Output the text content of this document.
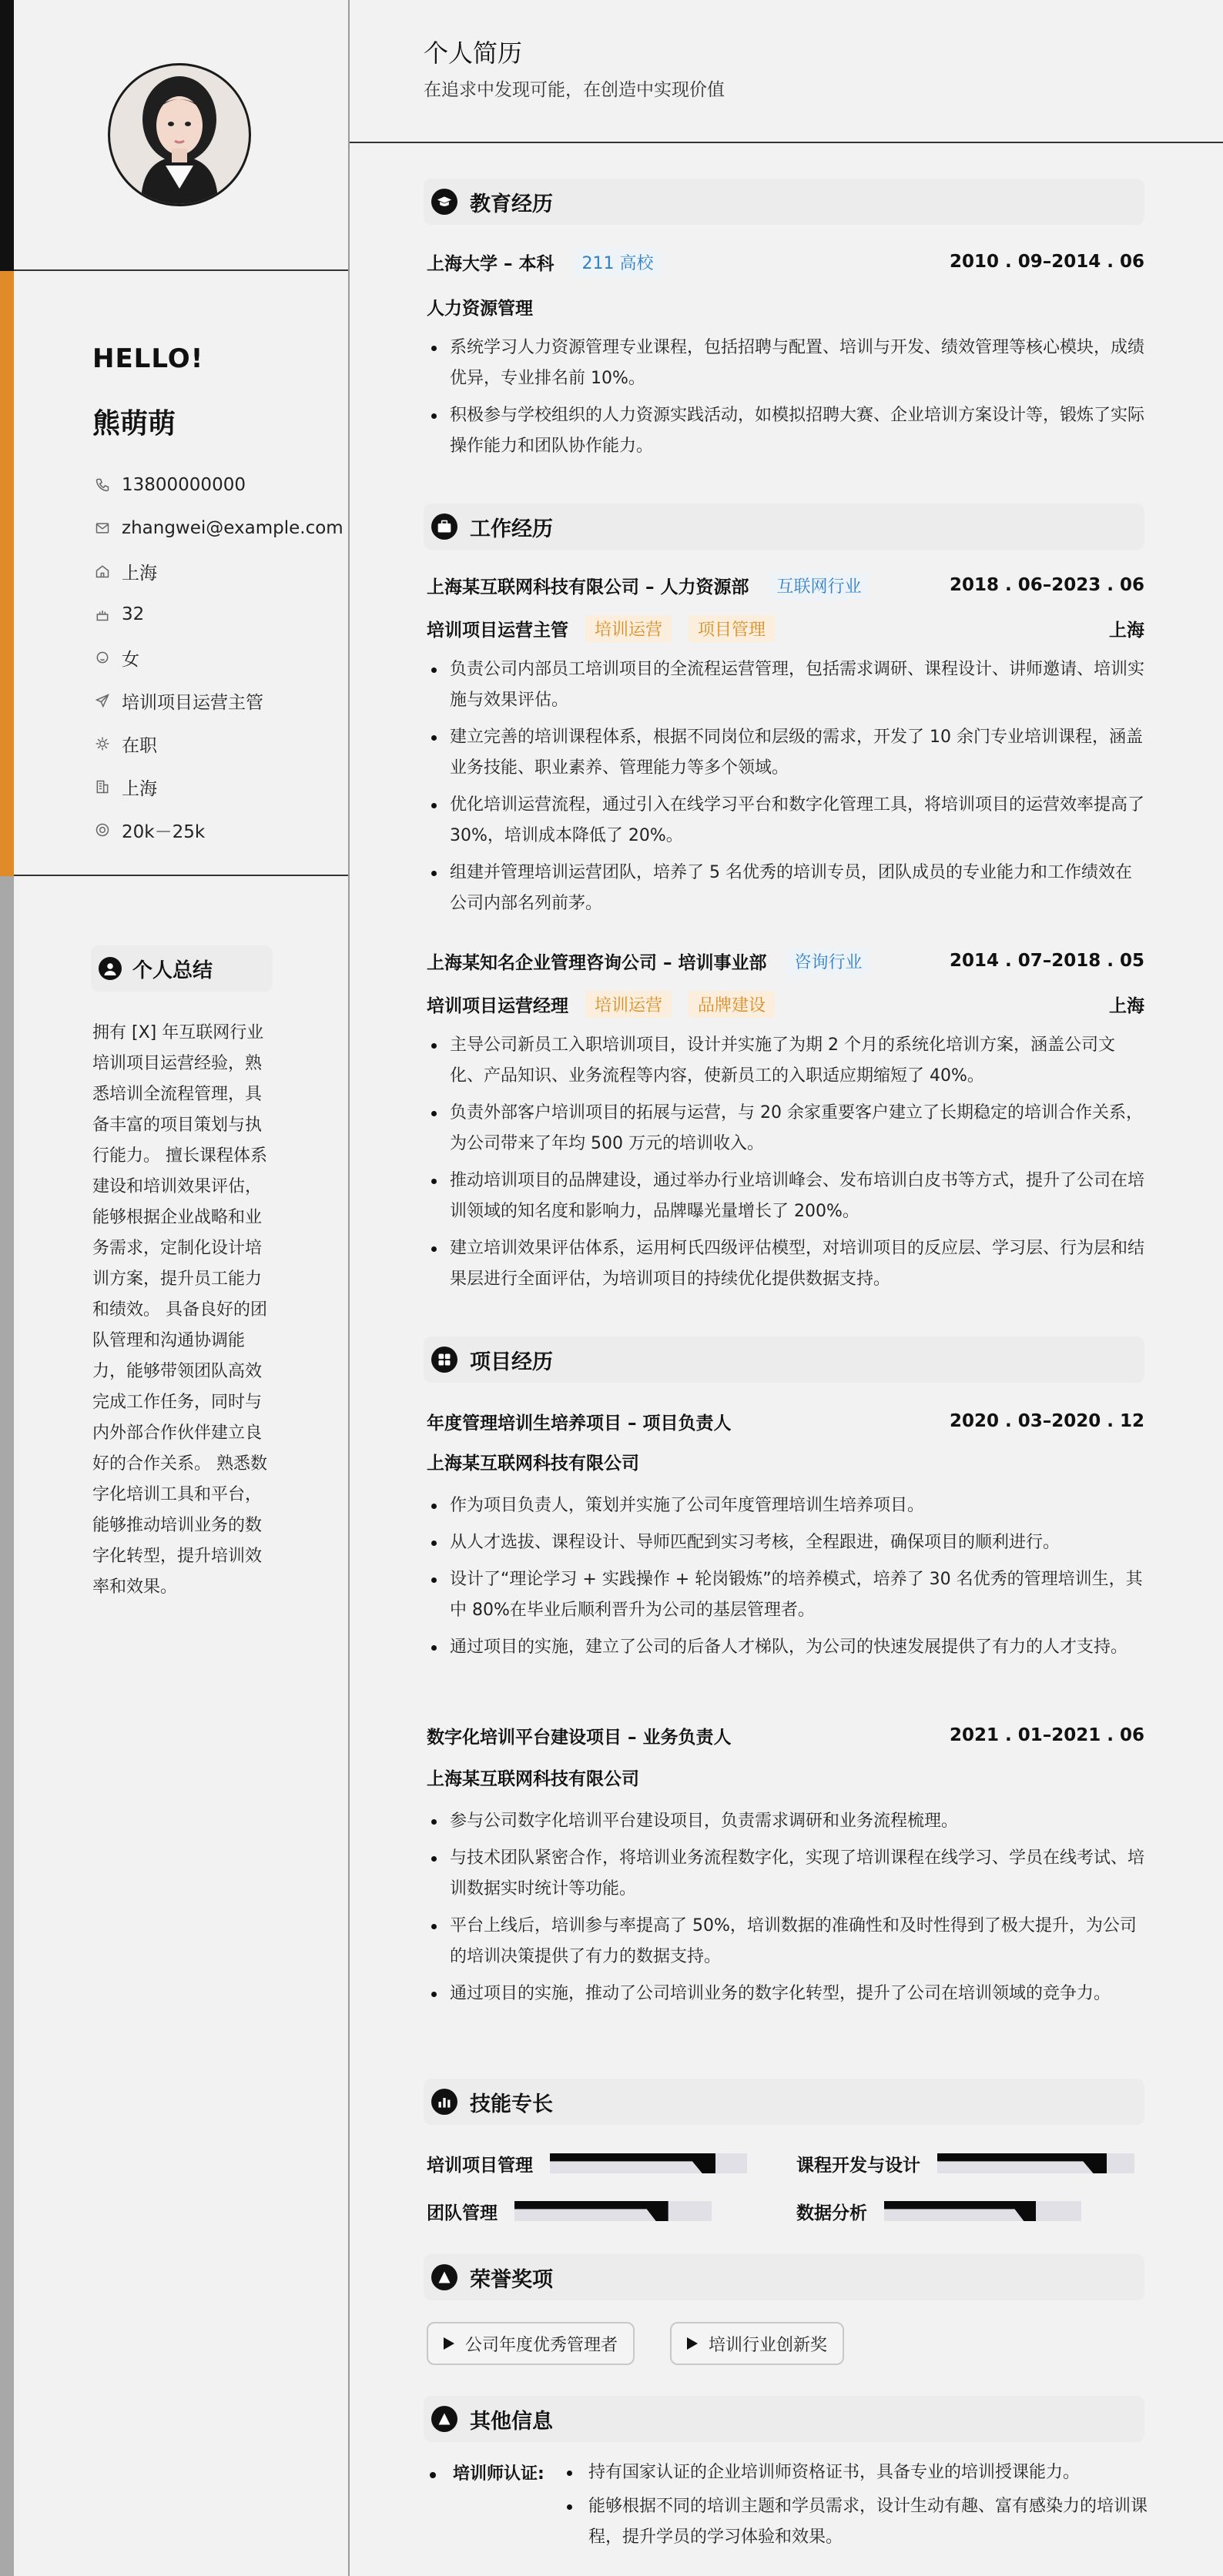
HELLO!
熊萌萌
13800000000
zhangwei@example.com
上海
32
女
培训项目运营主管
在职
上海
20k－25k
个人总结
拥有 [X] 年互联网行业培训项目运营经验，熟悉培训全流程管理，具备丰富的项目策划与执行能力。 擅长课程体系建设和培训效果评估，能够根据企业战略和业务需求，定制化设计培训方案，提升员工能力和绩效。 具备良好的团队管理和沟通协调能力，能够带领团队高效完成工作任务，同时与内外部合作伙伴建立良好的合作关系。 熟悉数字化培训工具和平台，能够推动培训业务的数字化转型，提升培训效率和效果。
个人简历
在追求中发现可能，在创造中实现价值
教育经历
上海大学 – 本科	211 高校	2010 . 09–2014 . 06
人力资源管理
系统学习人力资源管理专业课程，包括招聘与配置、培训与开发、绩效管理等核心模块，成绩优异，专业排名前 10%。
积极参与学校组织的人力资源实践活动，如模拟招聘大赛、企业培训方案设计等，锻炼了实际操作能力和团队协作能力。
工作经历
上海某互联网科技有限公司 – 人力资源部	互联网行业	2018 . 06–2023 . 06
培训项目运营主管	培训运营	项目管理	上海
负责公司内部员工培训项目的全流程运营管理，包括需求调研、课程设计、讲师邀请、培训实施与效果评估。
建立完善的培训课程体系，根据不同岗位和层级的需求，开发了 10 余门专业培训课程，涵盖业务技能、职业素养、管理能力等多个领域。
优化培训运营流程，通过引入在线学习平台和数字化管理工具，将培训项目的运营效率提高了 30%，培训成本降低了 20%。
组建并管理培训运营团队，培养了 5 名优秀的培训专员，团队成员的专业能力和工作绩效在公司内部名列前茅。
上海某知名企业管理咨询公司 – 培训事业部	咨询行业	2014 . 07–2018 . 05
培训项目运营经理	培训运营	品牌建设	上海
主导公司新员工入职培训项目，设计并实施了为期 2 个月的系统化培训方案，涵盖公司文化、产品知识、业务流程等内容，使新员工的入职适应期缩短了 40%。
负责外部客户培训项目的拓展与运营，与 20 余家重要客户建立了长期稳定的培训合作关系，为公司带来了年均 500 万元的培训收入。
推动培训项目的品牌建设，通过举办行业培训峰会、发布培训白皮书等方式，提升了公司在培训领域的知名度和影响力，品牌曝光量增长了 200%。
建立培训效果评估体系，运用柯氏四级评估模型，对培训项目的反应层、学习层、行为层和结果层进行全面评估，为培训项目的持续优化提供数据支持。
项目经历
年度管理培训生培养项目 – 项目负责人	2020 . 03–2020 . 12
上海某互联网科技有限公司
作为项目负责人，策划并实施了公司年度管理培训生培养项目。
从人才选拔、课程设计、导师匹配到实习考核，全程跟进，确保项目的顺利进行。
设计了“理论学习 + 实践操作 + 轮岗锻炼”的培养模式，培养了 30 名优秀的管理培训生，其中 80%在毕业后顺利晋升为公司的基层管理者。
通过项目的实施，建立了公司的后备人才梯队，为公司的快速发展提供了有力的人才支持。
数字化培训平台建设项目 – 业务负责人	2021 . 01–2021 . 06
上海某互联网科技有限公司
参与公司数字化培训平台建设项目，负责需求调研和业务流程梳理。
与技术团队紧密合作，将培训业务流程数字化，实现了培训课程在线学习、学员在线考试、培训数据实时统计等功能。
平台上线后，培训参与率提高了 50%，培训数据的准确性和及时性得到了极大提升，为公司的培训决策提供了有力的数据支持。
通过项目的实施，推动了公司培训业务的数字化转型，提升了公司在培训领域的竞争力。
技能专长
培训项目管理	课程开发与设计
团队管理	数据分析
荣誉奖项
公司年度优秀管理者	培训行业创新奖
其他信息
培训师认证:	持有国家认证的企业培训师资格证书，具备专业的培训授课能力。
能够根据不同的培训主题和学员需求，设计生动有趣、富有感染力的培训课程，提升学员的学习体验和效果。
